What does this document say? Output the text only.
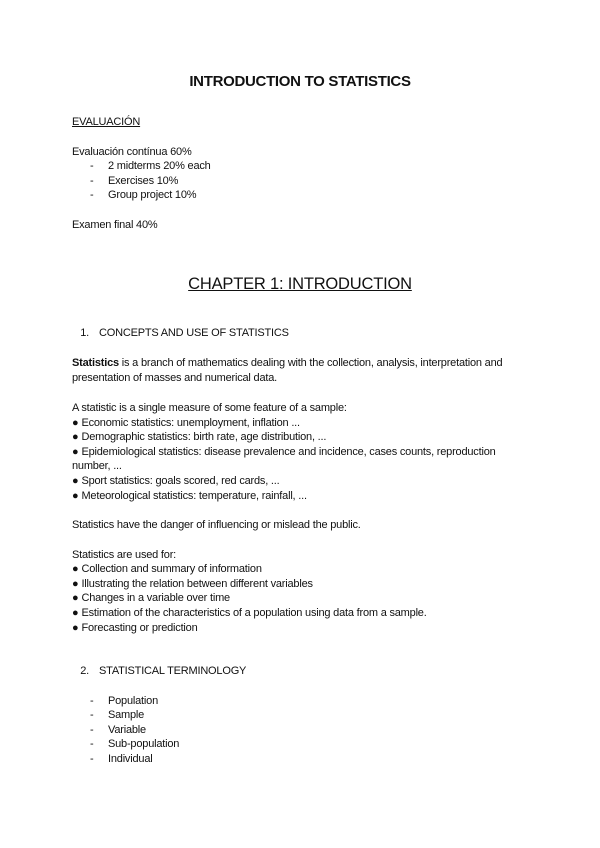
INTRODUCTION TO STATISTICS
EVALUACIÓN
Evaluación contínua 60%
- 2 midterms 20% each
- Exercises 10%
- Group project 10%
Examen final 40%
CHAPTER 1: INTRODUCTION
1. CONCEPTS AND USE OF STATISTICS
Statistics is a branch of mathematics dealing with the collection, analysis, interpretation and
presentation of masses and numerical data.
A statistic is a single measure of some feature of a sample:
● Economic statistics: unemployment, inflation ...
● Demographic statistics: birth rate, age distribution, ...
● Epidemiological statistics: disease prevalence and incidence, cases counts, reproduction
number, ...
● Sport statistics: goals scored, red cards, ...
● Meteorological statistics: temperature, rainfall, ...
Statistics have the danger of influencing or mislead the public.
Statistics are used for:
● Collection and summary of information
● Illustrating the relation between different variables
● Changes in a variable over time
● Estimation of the characteristics of a population using data from a sample.
● Forecasting or prediction
2. STATISTICAL TERMINOLOGY
- Population
- Sample
- Variable
- Sub-population
- Individual
